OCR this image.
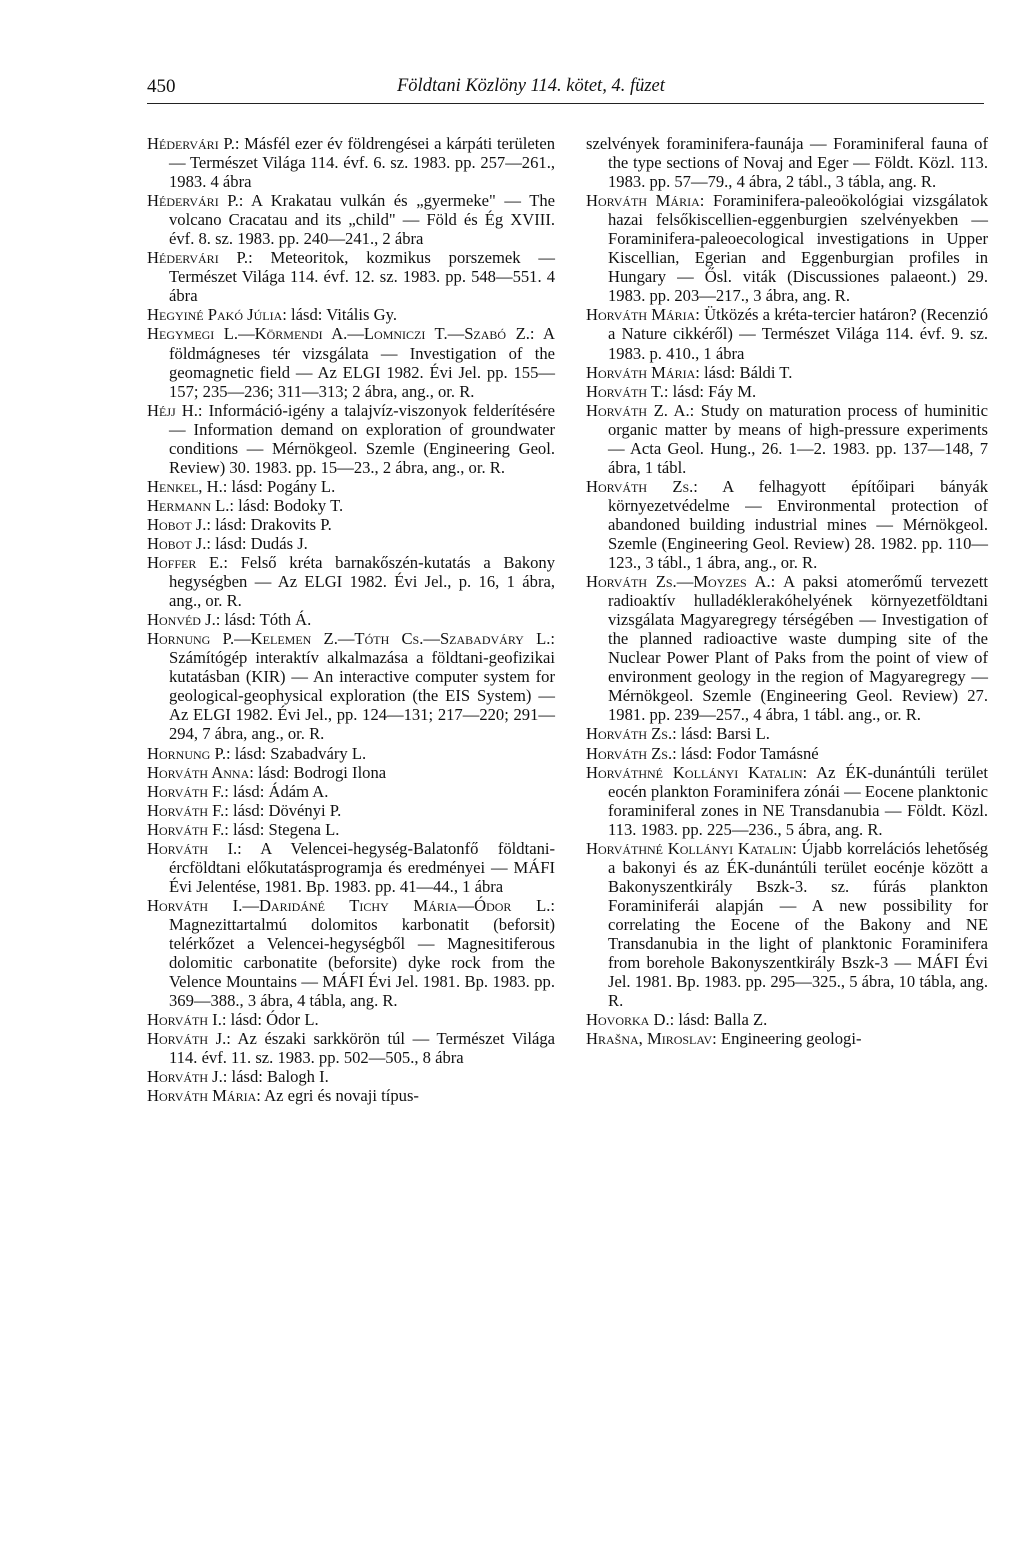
450	Földtani Közlöny 114. kötet, 4. füzet
Hédervári P.: Másfél ezer év földrengései a kárpáti területen — Természet Világa 114. évf. 6. sz. 1983. pp. 257—261., 1983. 4 ábra
Hédervári P.: A Krakatau vulkán és „gyermeke" — The volcano Cracatau and its „child" — Föld és Ég XVIII. évf. 8. sz. 1983. pp. 240—241., 2 ábra
Hédervári P.: Meteoritok, kozmikus porszemek — Természet Világa 114. évf. 12. sz. 1983. pp. 548—551. 4 ábra
Hegyiné Pakó Júlia: lásd: Vitális Gy.
Hegymegi L.—Körmendi A.—Lomniczi T.—Szabó Z.: A földmágneses tér vizsgálata — Investigation of the geomagnetic field — Az ELGI 1982. Évi Jel. pp. 155—157; 235—236; 311—313; 2 ábra, ang., or. R.
Héjj H.: Információ-igény a talajvíz-viszonyok felderítésére — Information demand on exploration of groundwater conditions — Mérnökgeol. Szemle (Engineering Geol. Review) 30. 1983. pp. 15—23., 2 ábra, ang., or. R.
Henkel, H.: lásd: Pogány L.
Hermann L.: lásd: Bodoky T.
Hobot J.: lásd: Drakovits P.
Hobot J.: lásd: Dudás J.
Hoffer E.: Felső kréta barnakőszén-kutatás a Bakony hegységben — Az ELGI 1982. Évi Jel., p. 16, 1 ábra, ang., or. R.
Honvéd J.: lásd: Tóth Á.
Hornung P.—Kelemen Z.—Tóth Cs.—Szabadváry L.: Számítógép interaktív alkalmazása a földtani-geofizikai kutatásban (KIR) — An interactive computer system for geological-geophysical exploration (the EIS System) — Az ELGI 1982. Évi Jel., pp. 124—131; 217—220; 291—294, 7 ábra, ang., or. R.
Hornung P.: lásd: Szabadváry L.
Horváth Anna: lásd: Bodrogi Ilona
Horváth F.: lásd: Ádám A.
Horváth F.: lásd: Dövényi P.
Horváth F.: lásd: Stegena L.
Horváth I.: A Velencei-hegység-Balatonfő földtani-ércföldtani előkutatásprogramja és eredményei — MÁFI Évi Jelentése, 1981. Bp. 1983. pp. 41—44., 1 ábra
Horváth I.—Daridáné Tichy Mária—Ódor L.: Magnezittartalmú dolomitos karbonatit (beforsit) telérkőzet a Velencei-hegységből — Magnesitiferous dolomitic carbonatite (beforsite) dyke rock from the Velence Mountains — MÁFI Évi Jel. 1981. Bp. 1983. pp. 369—388., 3 ábra, 4 tábla, ang. R.
Horváth I.: lásd: Ódor L.
Horváth J.: Az északi sarkkörön túl — Természet Világa 114. évf. 11. sz. 1983. pp. 502—505., 8 ábra
Horváth J.: lásd: Balogh I.
Horváth Mária: Az egri és novaji típus-
szelvények foraminifera-faunája — Foraminiferal fauna of the type sections of Novaj and Eger — Földt. Közl. 113. 1983. pp. 57—79., 4 ábra, 2 tábl., 3 tábla, ang. R.
Horváth Mária: Foraminifera-paleoökológiai vizsgálatok hazai felsőkiscellien-eggenburgien szelvényekben — Foraminifera-paleoecological investigations in Upper Kiscellian, Egerian and Eggenburgian profiles in Hungary — Ősl. viták (Discussiones palaeont.) 29. 1983. pp. 203—217., 3 ábra, ang. R.
Horváth Mária: Ütközés a kréta-tercier határon? (Recenzió a Nature cikkéről) — Természet Világa 114. évf. 9. sz. 1983. p. 410., 1 ábra
Horváth Mária: lásd: Báldi T.
Horváth T.: lásd: Fáy M.
Horváth Z. A.: Study on maturation process of huminitic organic matter by means of high-pressure experiments — Acta Geol. Hung., 26. 1—2. 1983. pp. 137—148, 7 ábra, 1 tábl.
Horváth Zs.: A felhagyott építőipari bányák környezetvédelme — Environmental protection of abandoned building industrial mines — Mérnökgeol. Szemle (Engineering Geol. Review) 28. 1982. pp. 110—123., 3 tábl., 1 ábra, ang., or. R.
Horváth Zs.—Moyzes A.: A paksi atomerőmű tervezett radioaktív hulladéklerakóhelyének környezetföldtani vizsgálata Magyaregregy térségében — Investigation of the planned radioactive waste dumping site of the Nuclear Power Plant of Paks from the point of view of environment geology in the region of Magyaregregy — Mérnökgeol. Szemle (Engineering Geol. Review) 27. 1981. pp. 239—257., 4 ábra, 1 tábl. ang., or. R.
Horváth Zs.: lásd: Barsi L.
Horváth Zs.: lásd: Fodor Tamásné
Horváthné Kollányi Katalin: Az ÉK-dunántúli terület eocén plankton Foraminifera zónái — Eocene planktonic foraminiferal zones in NE Transdanubia — Földt. Közl. 113. 1983. pp. 225—236., 5 ábra, ang. R.
Horváthné Kollányi Katalin: Újabb korrelációs lehetőség a bakonyi és az ÉK-dunántúli terület eocénje között a Bakonyszentkirály Bszk-3. sz. fúrás plankton Foraminiferái alapján — A new possibility for correlating the Eocene of the Bakony and NE Transdanubia in the light of planktonic Foraminifera from borehole Bakonyszentkirály Bszk-3 — MÁFI Évi Jel. 1981. Bp. 1983. pp. 295—325., 5 ábra, 10 tábla, ang. R.
Hovorka D.: lásd: Balla Z.
Hrašna, Miroslav: Engineering geologi-
